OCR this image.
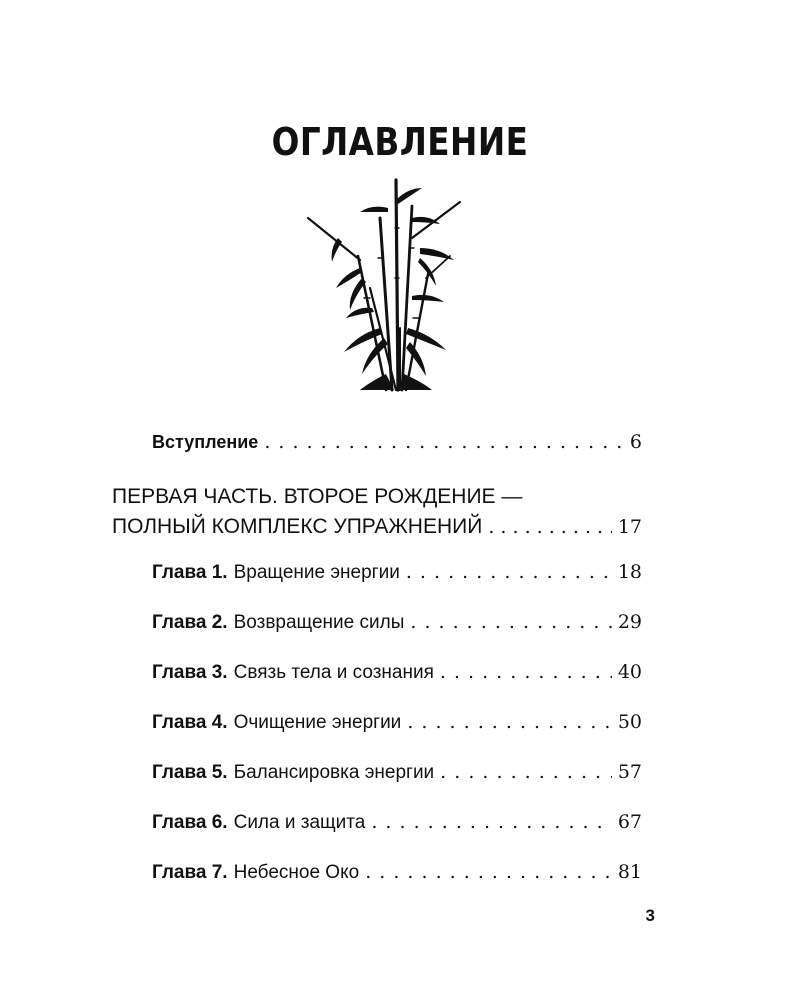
ОГЛАВЛЕНИЕ
Вступление . . .	6
ПЕРВАЯ ЧАСТЬ. ВТОРОЕ РОЖДЕНИЕ —
ПОЛНЫЙ КОМПЛЕКС УПРАЖНЕНИЙ . . .	17
Глава 1. Вращение энергии . . .	18
Глава 2. Возвращение силы . . .	29
Глава 3. Связь тела и сознания . . .	40
Глава 4. Очищение энергии . . .	50
Глава 5. Балансировка энергии . . .	57
Глава 6. Сила и защита . . .	67
Глава 7. Небесное Око . . .	81
3
